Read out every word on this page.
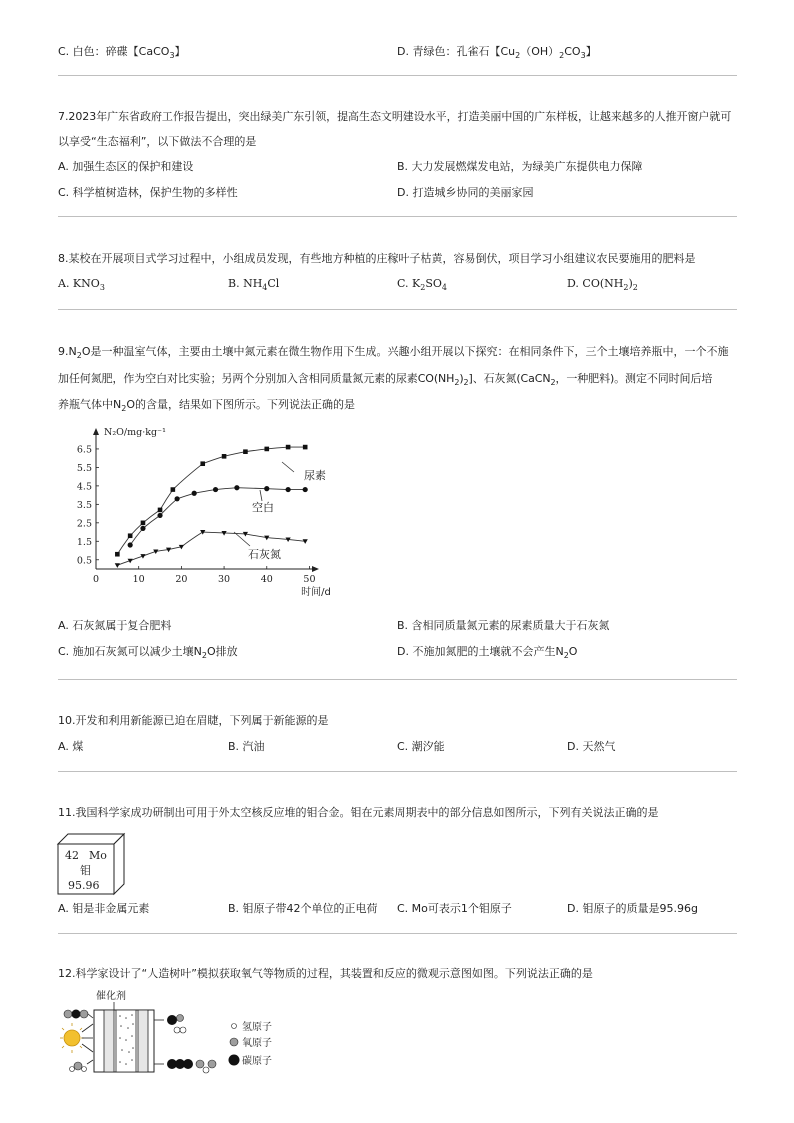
C. 白色：碎碟【CaCO$_3$】	D. 青绿色：孔雀石【$Cu_2(OH)_2CO_3$】
7.2023年广东省政府工作报告提出，突出绿美广东引领，提高生态文明建设水平，打造美丽中国的广东样板，让越来越多的人推开窗户就可
以享受“生态福利”，以下做法不合理的是
A. 加强生态区的保护和建设	B. 大力发展燃煤发电站，为绿美广东提供电力保障
C. 科学植树造林，保护生物的多样性	D. 打造城乡协同的美丽家园
8.某校在开展项目式学习过程中，小组成员发现，有些地方种植的庄稼叶子枯黄，容易倒伏，项目学习小组建议农民要施用的肥料是
A. $KNO_3$	B. $NH_4Cl$	C. $K_2SO_4$	D. $CO(NH_2)_2$
$9.N_2O$是一种温室气体，主要由土壤中氮元素在微生物作用下生成。兴趣小组开展以下探究：在相同条件下，三个土壤培养瓶中，一个不施
加任何氮肥，作为空白对比实验；另两个分别加入含相同质量氮元素的尿素$CO(NH_2)_2$]、石灰氮(CaCN$_2$，一种肥料)。测定不同时间后培
养瓶气体中$N_2O$的含量，结果如下图所示。下列说法正确的是
6.5
5.5
4.5
3.5
2.5
1.5
0.5
0	10	20	30	40	50
N₂O/mg·kg⁻¹
时间/d
尿素
空白
石灰氮
A. 石灰氮属于复合肥料	B. 含相同质量氮元素的尿素质量大于石灰氮
C. 施加石灰氮可以减少土壤$N_2O$排放	D. 不施加氮肥的土壤就不会产生$N_2O$
10.开发和利用新能源已迫在眉睫，下列属于新能源的是
A. 煤	B. 汽油	C. 潮汐能	D. 天然气
11.我国科学家成功研制出可用于外太空核反应堆的钼合金。钼在元素周期表中的部分信息如图所示，下列有关说法正确的是
42 Mo
钼
95.96
A. 钼是非金属元素	B. 钼原子带42个单位的正电荷 C. Mo可表示1个钼原子	D. 钼原子的质量是95.96g
12.科学家设计了“人造树叶”模拟获取氧气等物质的过程，其装置和反应的微观示意图如图。下列说法正确的是
催化剂
氢原子
氧原子
碳原子
